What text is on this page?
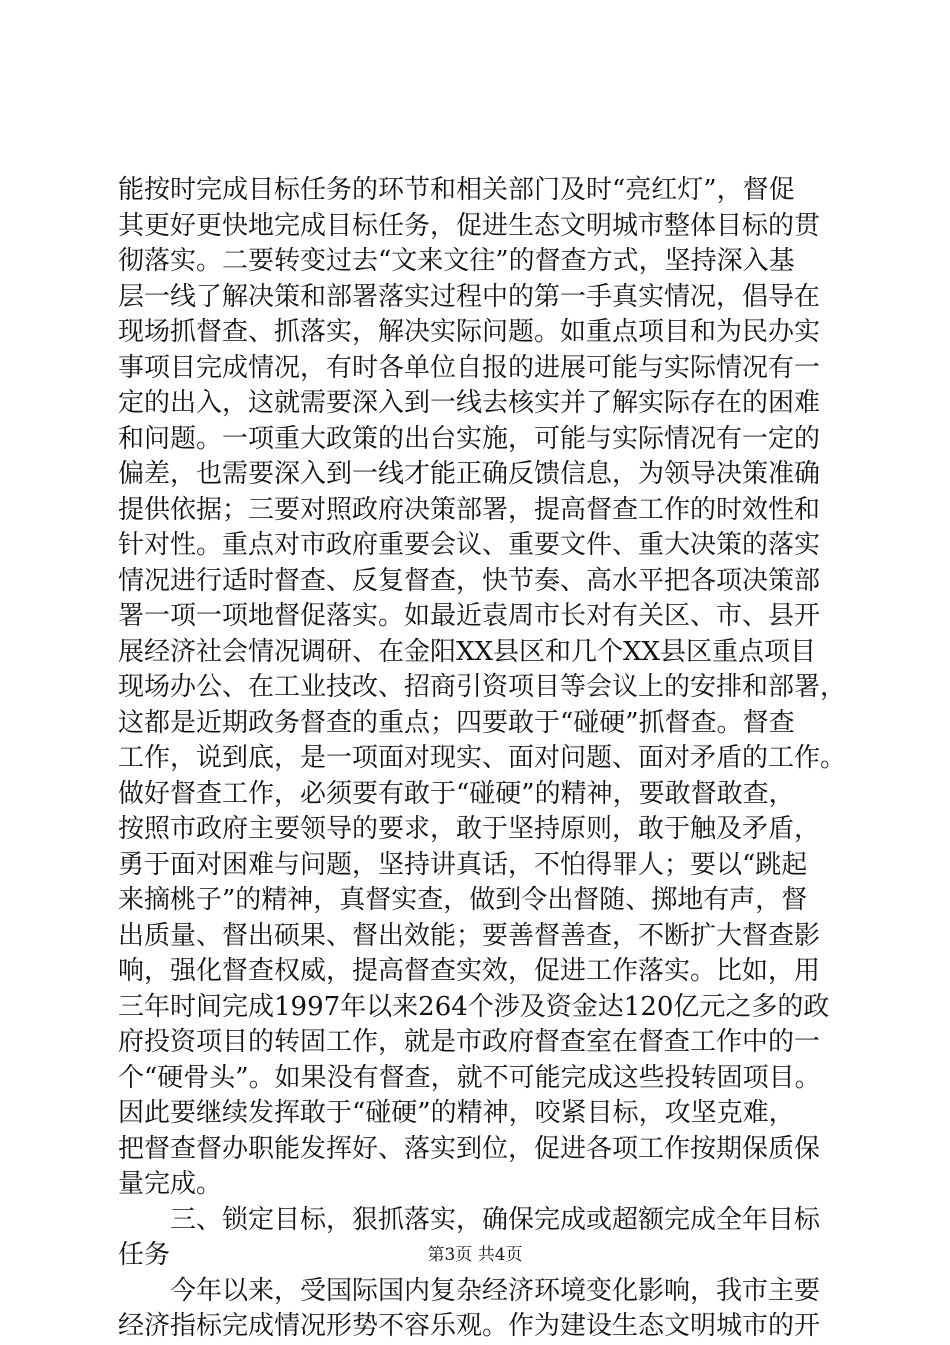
能按时完成目标任务的环节和相关部门及时“亮红灯”，督促
其更好更快地完成目标任务，促进生态文明城市整体目标的贯
彻落实。二要转变过去“文来文往”的督查方式，坚持深入基
层一线了解决策和部署落实过程中的第一手真实情况，倡导在
现场抓督查、抓落实，解决实际问题。如重点项目和为民办实
事项目完成情况，有时各单位自报的进展可能与实际情况有一
定的出入，这就需要深入到一线去核实并了解实际存在的困难
和问题。一项重大政策的出台实施，可能与实际情况有一定的
偏差，也需要深入到一线才能正确反馈信息，为领导决策准确
提供依据；三要对照政府决策部署，提高督查工作的时效性和
针对性。重点对市政府重要会议、重要文件、重大决策的落实
情况进行适时督查、反复督查，快节奏、高水平把各项决策部
署一项一项地督促落实。如最近袁周市长对有关区、市、县开
展经济社会情况调研、在金阳XX县区和几个XX县区重点项目
现场办公、在工业技改、招商引资项目等会议上的安排和部署，
这都是近期政务督查的重点；四要敢于“碰硬”抓督查。督查
工作，说到底，是一项面对现实、面对问题、面对矛盾的工作。
做好督查工作，必须要有敢于“碰硬”的精神，要敢督敢查，
按照市政府主要领导的要求，敢于坚持原则，敢于触及矛盾，
勇于面对困难与问题，坚持讲真话，不怕得罪人；要以“跳起
来摘桃子”的精神，真督实查，做到令出督随、掷地有声，督
出质量、督出硕果、督出效能；要善督善查，不断扩大督查影
响，强化督查权威，提高督查实效，促进工作落实。比如，用
三年时间完成1997年以来264个涉及资金达120亿元之多的政
府投资项目的转固工作，就是市政府督查室在督查工作中的一
个“硬骨头”。如果没有督查，就不可能完成这些投转固项目。
因此要继续发挥敢于“碰硬”的精神，咬紧目标，攻坚克难，
把督查督办职能发挥好、落实到位，促进各项工作按期保质保
量完成。
　　三、锁定目标，狠抓落实，确保完成或超额完成全年目标
任务
　　今年以来，受国际国内复杂经济环境变化影响，我市主要
经济指标完成情况形势不容乐观。作为建设生态文明城市的开
第3页 共4页
